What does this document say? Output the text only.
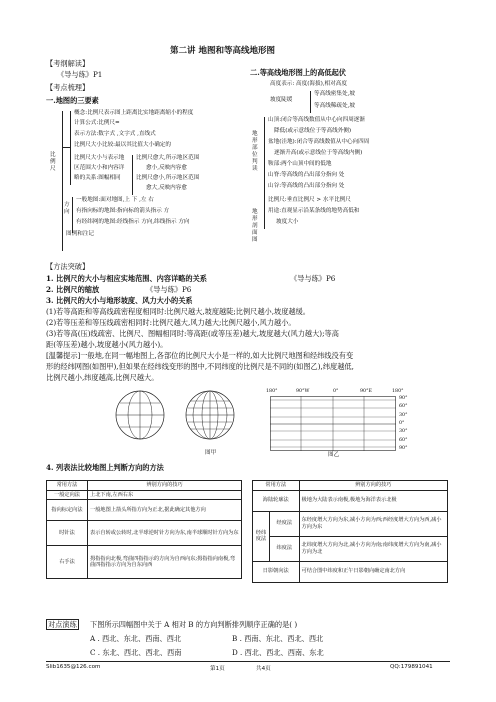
第二讲 地图和等高线地形图
【考纲解读】
《导与练》P1
【考点梳理】
一.地图的三要素
比例尺
概念:比例尺表示图上距离比实地距离缩小的程度
计算公式:比例尺=
表示方法:数字式 ,文字式 ,直线式
比例尺大小比较:最以其比值大小确定的
比例尺大小与表示地
区范围大小和内容详
略的关系:图幅相同
比例尺愈大,所示地区范围
愈小,反映内容愈
比例尺愈小,所示地区范围
愈大,反映内容愈
方向
一般地图:面对地图,上 下 ,左 右
有指向标的地图:指向标的箭头指示 方
有经纬网的地图:经线指示 方向,纬线指示 方向
图例和注记
二.等高线地形图上的高低起伏
高度表示: 高度(海拔),相对高度
坡度陡缓
等高线密集处,坡
等高线稀疏处,坡
地形部位判读
山顶:闭合等高线数值从中心向四周逐渐
降低(或示意线位于等高线外侧)
盆地(洼地):闭合等高线数值从中心向四周
逐渐升高(或示意线位于等高线内侧)
鞍部:两个山顶中间的低地
山脊:等高线的凸出部分指向 处
山谷:等高线的凸出部分指向 处
地形剖面图
比例尺:垂直比例尺 > 水平比例尺
用途:直观显示沿某条线的地势高低和
坡度大小
【方法突破】
1. 比例尺的大小与相应实地范围、内容详略的关系	《导与练》P6
2. 比例尺的缩放	《导与练》P6
3. 比例尺的大小与地形坡度、风力大小的关系
(1)若等高距和等高线疏密程度相同时:比例尺越大,坡度越陡;比例尺越小,坡度越缓。
(2)若等压差和等压线疏密相同时:比例尺越大,风力越大;比例尺越小,风力越小。
(3)若等高(压)线疏密、比例尺、图幅相同时:等高距(或等压差)越大,坡度越大(风力越大);等高
距(等压差)越小,坡度越小(风力越小)。
[温馨提示]一般地,在同一幅地图上,各部位的比例尺大小是一样的,如大比例尺地图和经纬线没有变
形的经纬网图(如图甲),但如果在经纬线变形的图中,不同纬度的比例尺是不同的(如图乙),纬度越低,
比例尺越小,纬度越高,比例尺越大。
图甲
180°	90°W	0°	90°E	180°
90°
60°
30°
0°
30°
60°
90°
图乙
4. 列表法比较地图上判断方向的方法
常用方法	辨别方向的技巧
一般定向法	上北下南,左西右东
指向标定向法	一般地图上箭头所指方向为正北,据此确定其他方向
时针法	表示自转或公转时,北半球逆时针方向为东,南半球顺时针方向为东
右手法	拇指指向北极,弯曲四指指示的方向为自西向东;拇指指向南极,弯曲四指指示方向为自东向西
常用方法		辨别方向的技巧
海陆轮廓法		极地为大陆表示南极,极地为海洋表示北极
经纬度法	经度法	东经度增大方向为东,减小方向为西;西经度增大方向为西,减小方向为东
	纬度法	北纬度增大方向为北,减小方向为南;南纬度增大方向为南,减小方向为北
日影朝向法		可结合图中纬度和正午日影朝向确定南北方向
对点演练 下图所示四幅图中关于 A 相对 B 的方向判断排列顺序正确的是( )
A . 西北、东北、西南、西北	B . 西南、东北、西北、西北
C . 东北、西北、西北、西南	D . 西北、西北、西南、东北
Slib1635@126.com	第1页	共4页	QQ:179891041
